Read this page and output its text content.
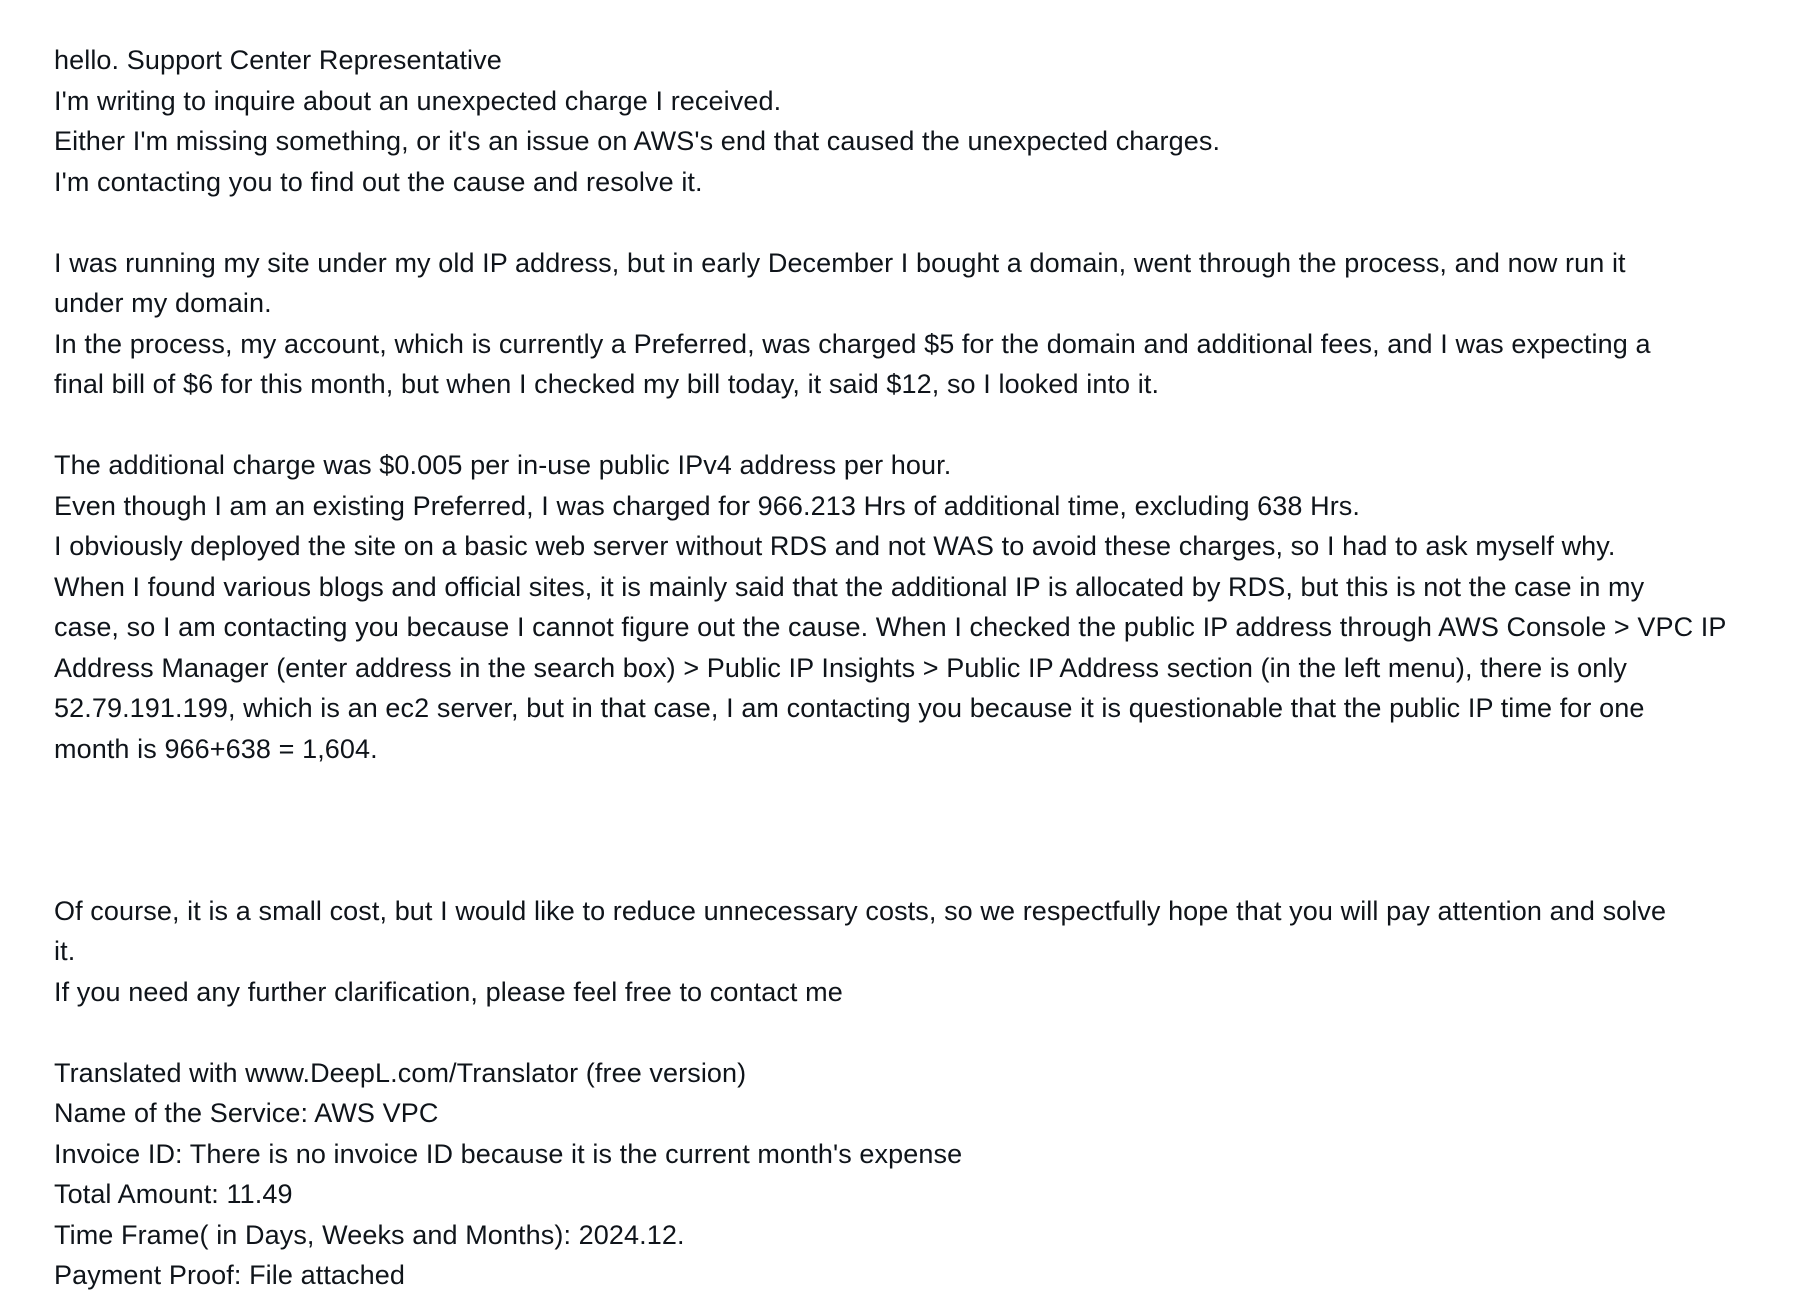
hello. Support Center Representative
I'm writing to inquire about an unexpected charge I received.
Either I'm missing something, or it's an issue on AWS's end that caused the unexpected charges.
I'm contacting you to find out the cause and resolve it.
I was running my site under my old IP address, but in early December I bought a domain, went through the process, and now run it
under my domain.
In the process, my account, which is currently a Preferred, was charged $5 for the domain and additional fees, and I was expecting a
final bill of $6 for this month, but when I checked my bill today, it said $12, so I looked into it.
The additional charge was $0.005 per in-use public IPv4 address per hour.
Even though I am an existing Preferred, I was charged for 966.213 Hrs of additional time, excluding 638 Hrs.
I obviously deployed the site on a basic web server without RDS and not WAS to avoid these charges, so I had to ask myself why.
When I found various blogs and official sites, it is mainly said that the additional IP is allocated by RDS, but this is not the case in my
case, so I am contacting you because I cannot figure out the cause. When I checked the public IP address through AWS Console > VPC IP
Address Manager (enter address in the search box) > Public IP Insights > Public IP Address section (in the left menu), there is only
52.79.191.199, which is an ec2 server, but in that case, I am contacting you because it is questionable that the public IP time for one
month is 966+638 = 1,604.
Of course, it is a small cost, but I would like to reduce unnecessary costs, so we respectfully hope that you will pay attention and solve
it.
If you need any further clarification, please feel free to contact me
Translated with www.DeepL.com/Translator (free version)
Name of the Service: AWS VPC
Invoice ID: There is no invoice ID because it is the current month's expense
Total Amount: 11.49
Time Frame( in Days, Weeks and Months): 2024.12.
Payment Proof: File attached
